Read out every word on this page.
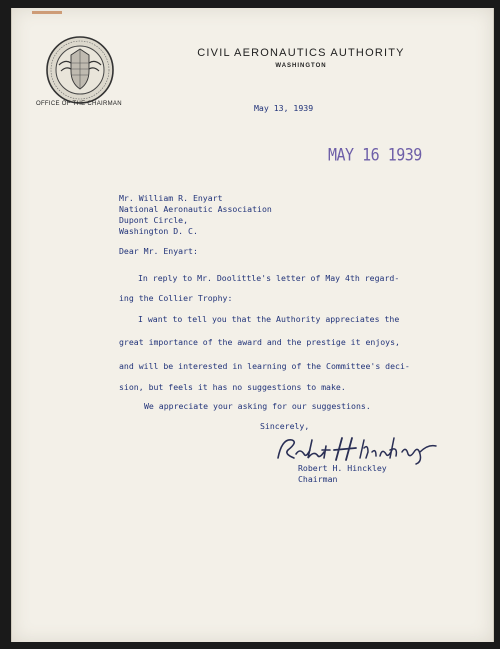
OFFICE OF THE CHAIRMAN
CIVIL AERONAUTICS AUTHORITY
WASHINGTON
May 13, 1939
MAY 16 1939
Mr. William R. Enyart
National Aeronautic Association
Dupont Circle,
Washington D. C.
Dear Mr. Enyart:
In reply to Mr. Doolittle's letter of May 4th regard-
ing the Collier Trophy:
I want to tell you that the Authority appreciates the
great importance of the award and the prestige it enjoys,
and will be interested in learning of the Committee's deci-
sion, but feels it has no suggestions to make.
We appreciate your asking for our suggestions.
Sincerely,
Robert H. Hinckley
Chairman
